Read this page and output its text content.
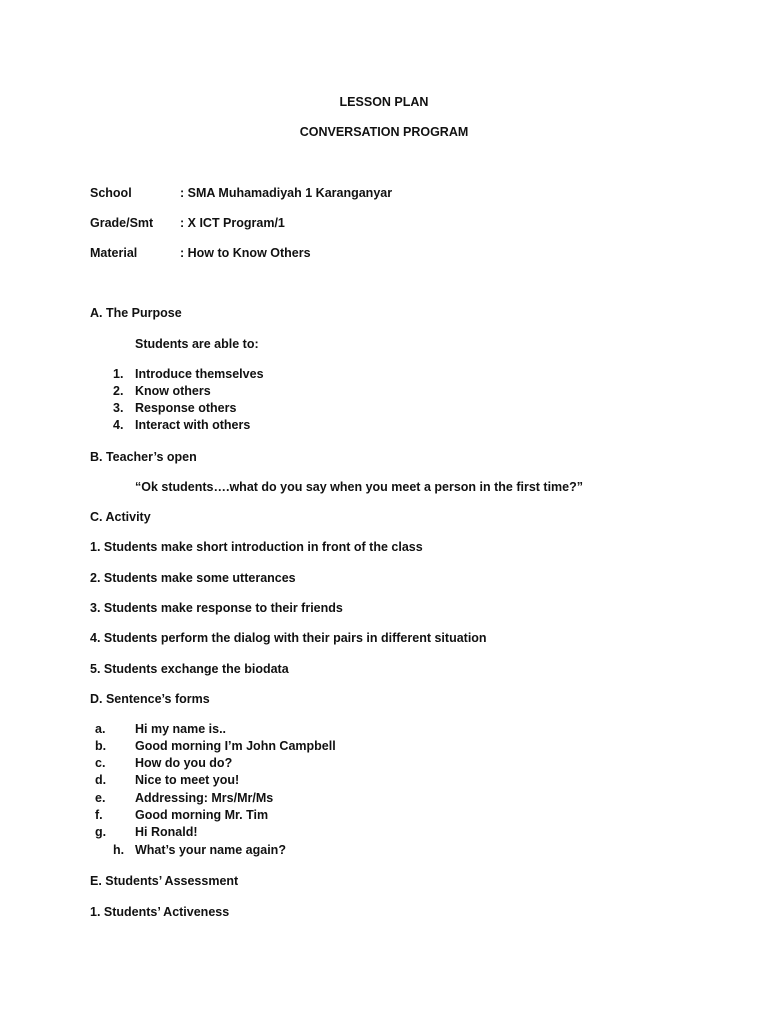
LESSON PLAN
CONVERSATION PROGRAM
School	: SMA Muhamadiyah 1 Karanganyar
Grade/Smt : X ICT Program/1
Material	: How to Know Others
A. The Purpose
Students are able to:
1. Introduce themselves
2. Know others
3. Response others
4. Interact with others
B. Teacher’s open
“Ok students….what do you say when you meet a person in the first time?”
C. Activity
1. Students make short introduction in front of the class
2. Students make some utterances
3. Students make response to their friends
4. Students perform the dialog with their pairs in different situation
5. Students exchange the biodata
D. Sentence’s forms
a. Hi my name is..
b. Good morning I’m John Campbell
c. How do you do?
d. Nice to meet you!
e. Addressing: Mrs/Mr/Ms
f.	Good morning Mr. Tim
g. Hi Ronald!
h. What’s your name again?
E. Students’ Assessment
1. Students’ Activeness
